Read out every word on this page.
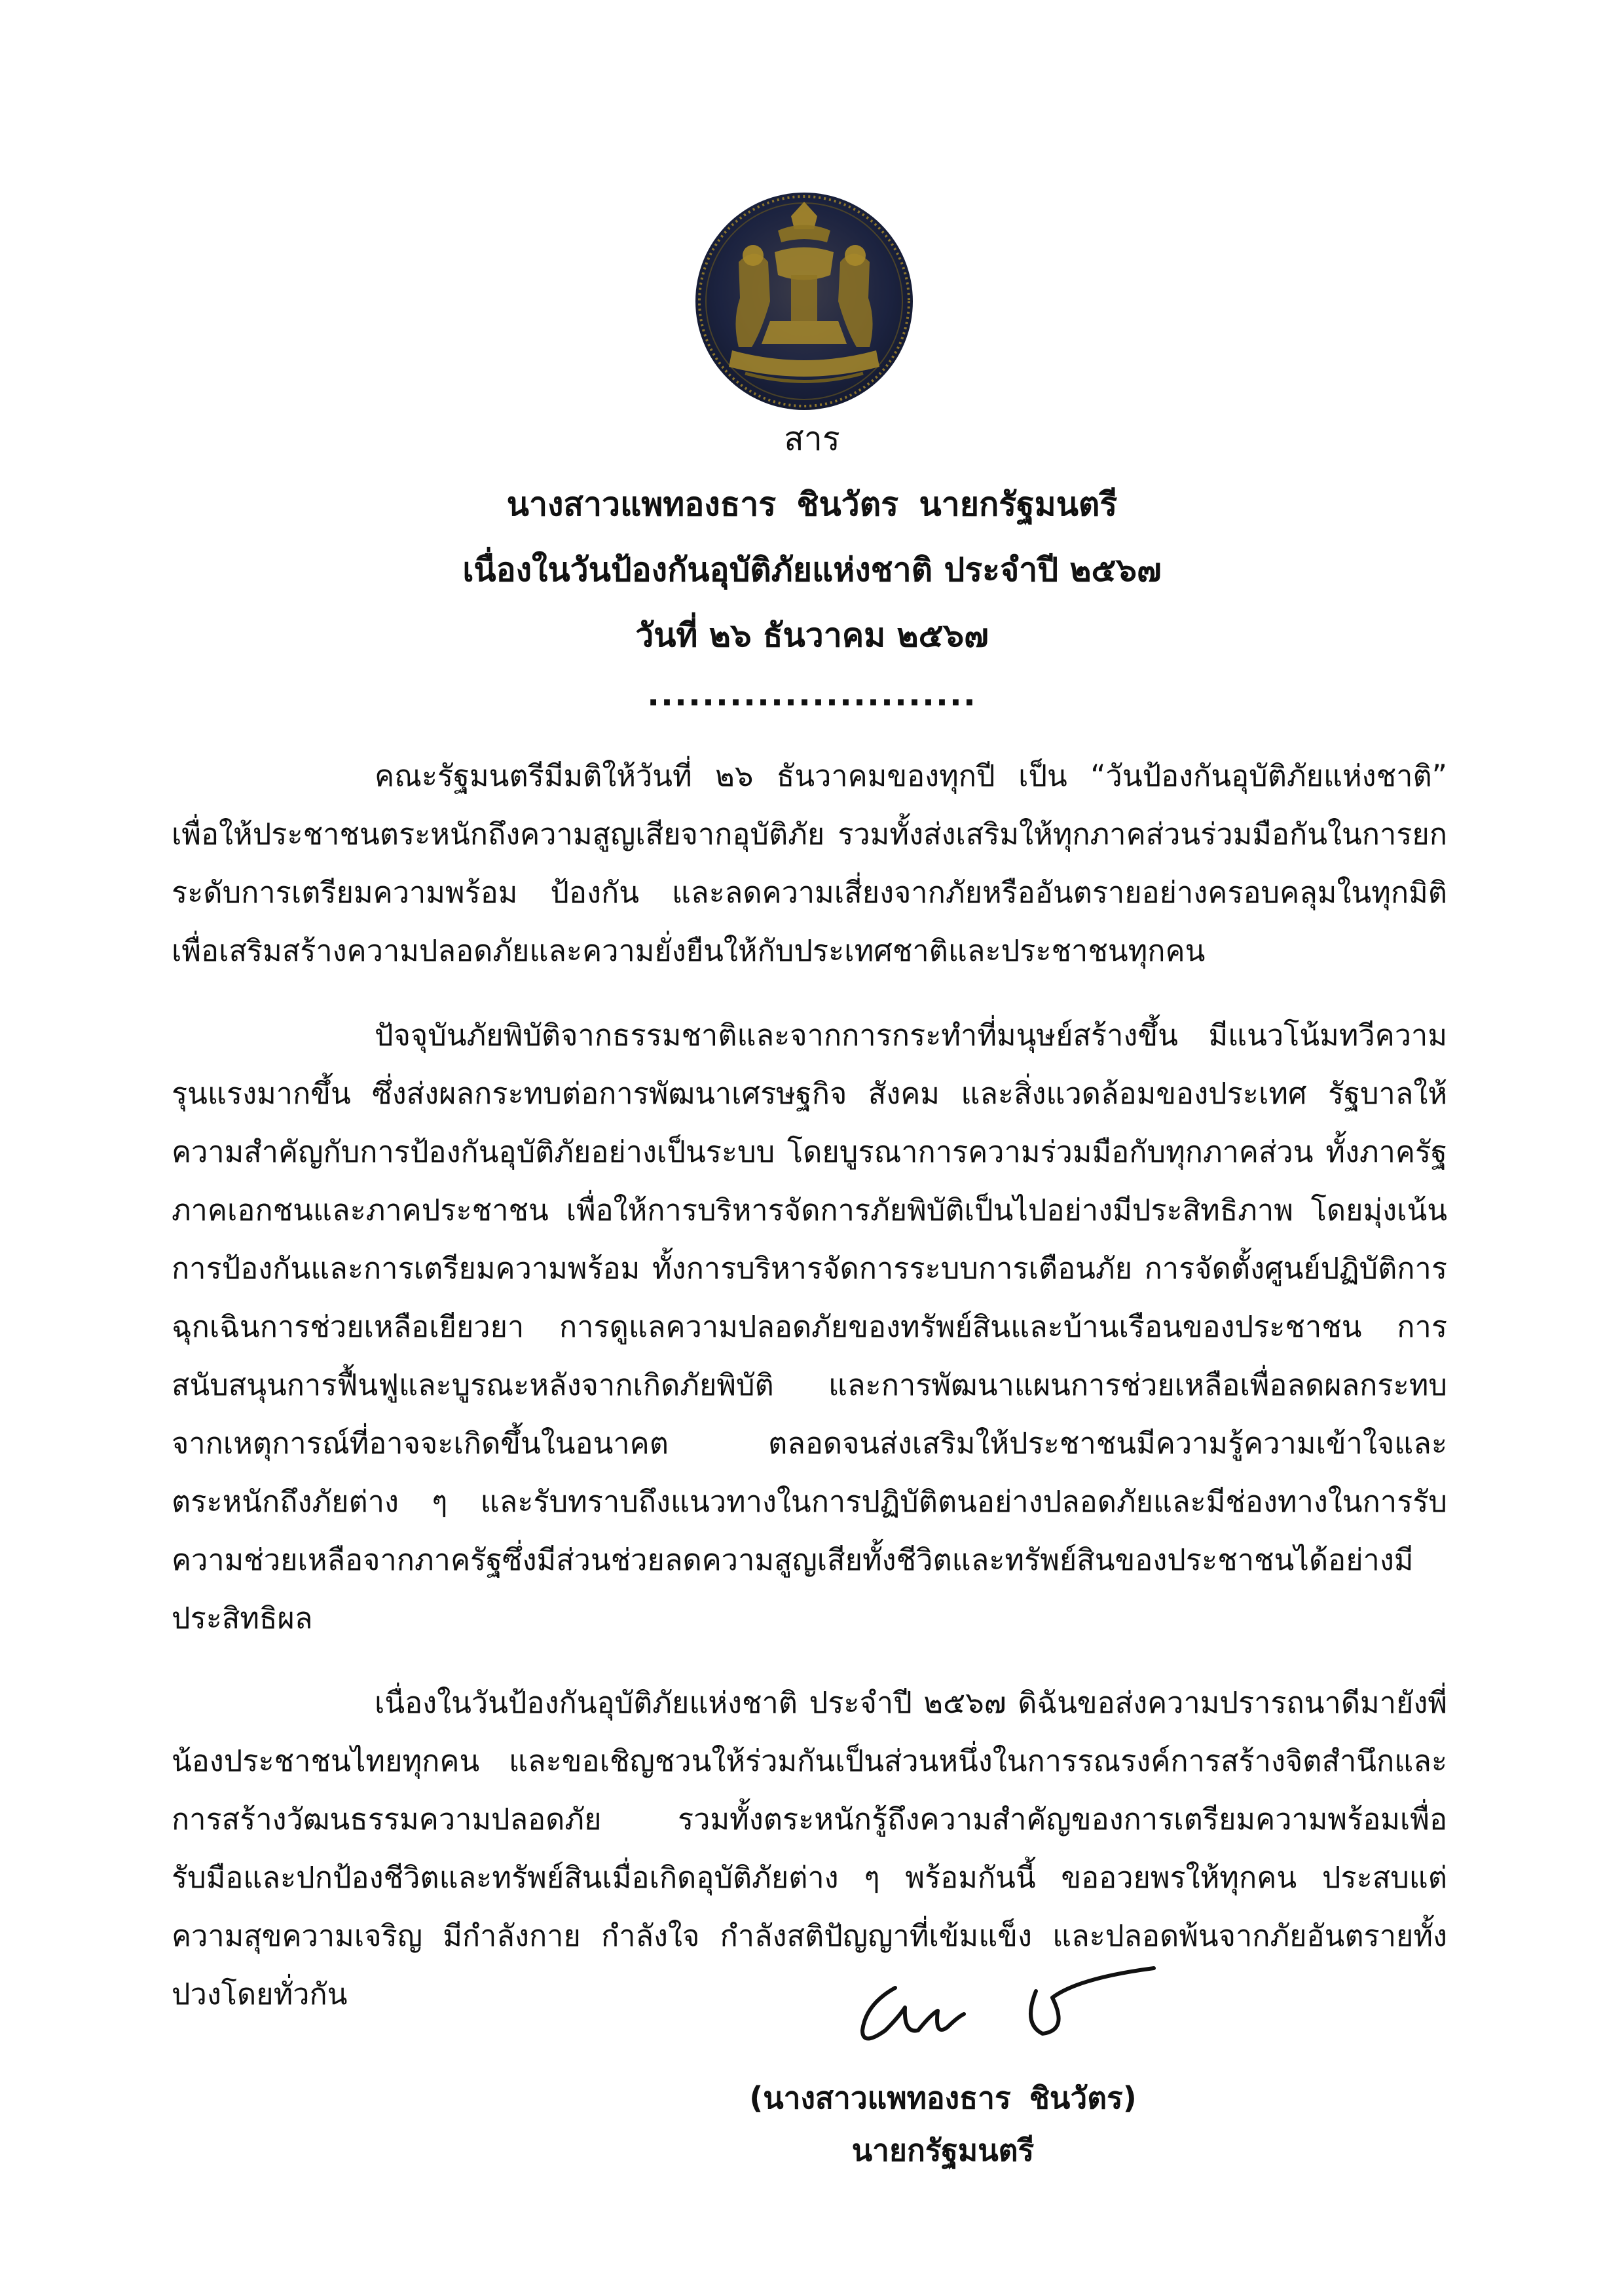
สาร
นางสาวแพทองธาร ชินวัตร นายกรัฐมนตรี
เนื่องในวันป้องกันอุบัติภัยแห่งชาติ ประจำปี ๒๕๖๗
วันที่ ๒๖ ธันวาคม ๒๕๖๗
........................

คณะรัฐมนตรีมีมติให้วันที่ ๒๖ ธันวาคมของทุกปี เป็น “วันป้องกันอุบัติภัยแห่งชาติ” เพื่อให้ประชาชนตระหนักถึงความสูญเสียจากอุบัติภัย รวมทั้งส่งเสริมให้ทุกภาคส่วนร่วมมือกันในการยกระดับการเตรียมความพร้อม ป้องกัน และลดความเสี่ยงจากภัยหรืออันตรายอย่างครอบคลุมในทุกมิติ เพื่อเสริมสร้างความปลอดภัยและความยั่งยืนให้กับประเทศชาติและประชาชนทุกคน

ปัจจุบันภัยพิบัติจากธรรมชาติและจากการกระทำที่มนุษย์สร้างขึ้น มีแนวโน้มทวีความรุนแรงมากขึ้น ซึ่งส่งผลกระทบต่อการพัฒนาเศรษฐกิจ สังคม และสิ่งแวดล้อมของประเทศ รัฐบาลให้ความสำคัญกับการป้องกันอุบัติภัยอย่างเป็นระบบ โดยบูรณาการความร่วมมือกับทุกภาคส่วน ทั้งภาครัฐ ภาคเอกชนและภาคประชาชน เพื่อให้การบริหารจัดการภัยพิบัติเป็นไปอย่างมีประสิทธิภาพ โดยมุ่งเน้นการป้องกันและการเตรียมความพร้อม ทั้งการบริหารจัดการระบบการเตือนภัย การจัดตั้งศูนย์ปฏิบัติการฉุกเฉินการช่วยเหลือเยียวยา การดูแลความปลอดภัยของทรัพย์สินและบ้านเรือนของประชาชน การสนับสนุนการฟื้นฟูและบูรณะหลังจากเกิดภัยพิบัติ และการพัฒนาแผนการช่วยเหลือเพื่อลดผลกระทบจากเหตุการณ์ที่อาจจะเกิดขึ้นในอนาคต ตลอดจนส่งเสริมให้ประชาชนมีความรู้ความเข้าใจและตระหนักถึงภัยต่าง ๆ และรับทราบถึงแนวทางในการปฏิบัติตนอย่างปลอดภัยและมีช่องทางในการรับความช่วยเหลือจากภาครัฐซึ่งมีส่วนช่วยลดความสูญเสียทั้งชีวิตและทรัพย์สินของประชาชนได้อย่างมีประสิทธิผล

เนื่องในวันป้องกันอุบัติภัยแห่งชาติ ประจำปี ๒๕๖๗ ดิฉันขอส่งความปรารถนาดีมายังพี่น้องประชาชนไทยทุกคน และขอเชิญชวนให้ร่วมกันเป็นส่วนหนึ่งในการรณรงค์การสร้างจิตสำนึกและการสร้างวัฒนธรรมความปลอดภัย รวมทั้งตระหนักรู้ถึงความสำคัญของการเตรียมความพร้อมเพื่อรับมือและปกป้องชีวิตและทรัพย์สินเมื่อเกิดอุบัติภัยต่าง ๆ พร้อมกันนี้ ขออวยพรให้ทุกคน ประสบแต่ความสุขความเจริญ มีกำลังกาย กำลังใจ กำลังสติปัญญาที่เข้มแข็ง และปลอดพ้นจากภัยอันตรายทั้งปวงโดยทั่วกัน

(นางสาวแพทองธาร ชินวัตร)
นายกรัฐมนตรี
